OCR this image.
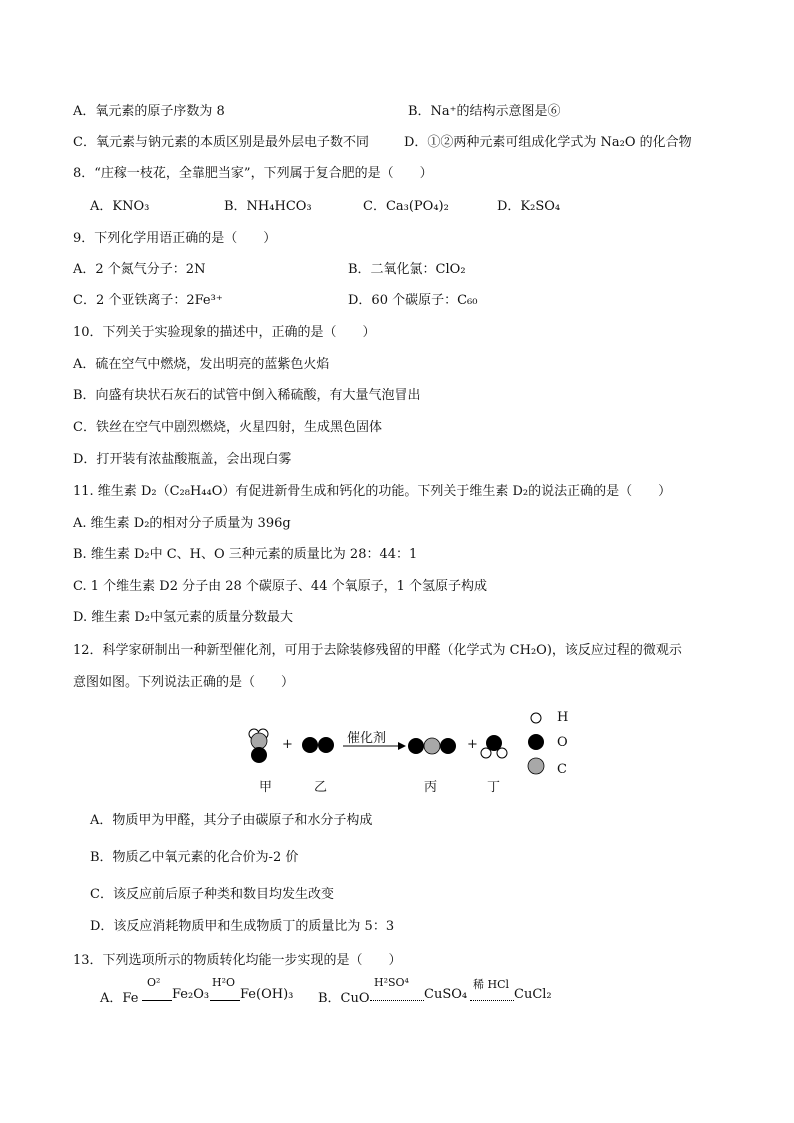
A．氧元素的原子序数为 8	B．Na⁺的结构示意图是⑥
C．氧元素与钠元素的本质区别是最外层电子数不同	D．①②两种元素可组成化学式为 Na₂O 的化合物
8．“庄稼一枝花，全靠肥当家”，下列属于复合肥的是（　　）
A．KNO₃	B．NH₄HCO₃	C．Ca₃(PO₄)₂	D．K₂SO₄
9．下列化学用语正确的是（　　）
A．2 个氮气分子：2N	B．二氧化氯：ClO₂
C．2 个亚铁离子：2Fe³⁺	D．60 个碳原子：C₆₀
10．下列关于实验现象的描述中，正确的是（　　）
A．硫在空气中燃烧，发出明亮的蓝紫色火焰
B．向盛有块状石灰石的试管中倒入稀硫酸，有大量气泡冒出
C．铁丝在空气中剧烈燃烧，火星四射，生成黑色固体
D．打开装有浓盐酸瓶盖，会出现白雾
11. 维生素 D₂（C₂₈H₄₄O）有促进新骨生成和钙化的功能。下列关于维生素 D₂的说法正确的是（　　）
A. 维生素 D₂的相对分子质量为 396g
B. 维生素 D₂中 C、H、O 三种元素的质量比为 28：44：1
C. 1 个维生素 D2 分子由 28 个碳原子、44 个氧原子，1 个氢原子构成
D. 维生素 D₂中氢元素的质量分数最大
12．科学家研制出一种新型催化剂，可用于去除装修残留的甲醛（化学式为 CH₂O)，该反应过程的微观示
意图如图。下列说法正确的是（　　）
+	催化剂	+
甲	乙	丙	丁
H
O
C
A．物质甲为甲醛，其分子由碳原子和水分子构成
B．物质乙中氧元素的化合价为-2 价
C．该反应前后原子种类和数目均发生改变
D．该反应消耗物质甲和生成物质丁的质量比为 5：3
13．下列选项所示的物质转化均能一步实现的是（　　）
A．Fe
O²
Fe₂O₃
H²O
Fe(OH)₃ B．CuO
H²SO⁴
CuSO₄
稀 HCl
CuCl₂
